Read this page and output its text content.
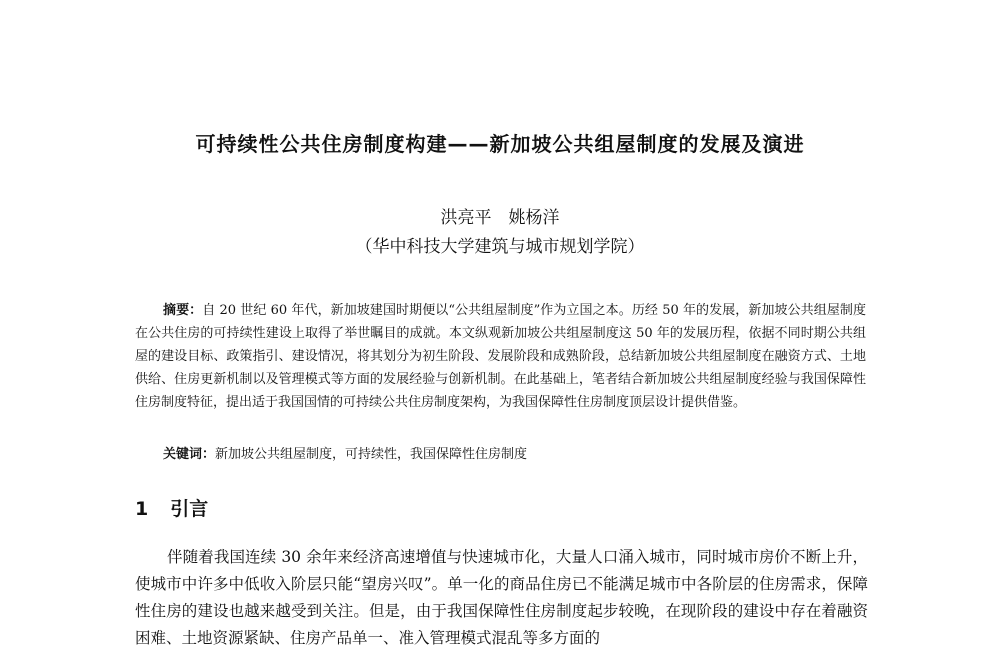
可持续性公共住房制度构建——新加坡公共组屋制度的发展及演进
洪亮平　姚杨洋
（华中科技大学建筑与城市规划学院）
摘要：自 20 世纪 60 年代，新加坡建国时期便以“公共组屋制度”作为立国之本。历经 50 年的发展，新加坡公共组屋制度在公共住房的可持续性建设上取得了举世瞩目的成就。本文纵观新加坡公共组屋制度这 50 年的发展历程，依据不同时期公共组屋的建设目标、政策指引、建设情况，将其划分为初生阶段、发展阶段和成熟阶段，总结新加坡公共组屋制度在融资方式、土地供给、住房更新机制以及管理模式等方面的发展经验与创新机制。在此基础上，笔者结合新加坡公共组屋制度经验与我国保障性住房制度特征，提出适于我国国情的可持续公共住房制度架构，为我国保障性住房制度顶层设计提供借鉴。
关键词：新加坡公共组屋制度，可持续性，我国保障性住房制度
1 引言
伴随着我国连续 30 余年来经济高速增值与快速城市化，大量人口涌入城市，同时城市房价不断上升，使城市中许多中低收入阶层只能“望房兴叹”。单一化的商品住房已不能满足城市中各阶层的住房需求，保障性住房的建设也越来越受到关注。但是，由于我国保障性住房制度起步较晚，在现阶段的建设中存在着融资困难、土地资源紧缺、住房产品单一、准入管理模式混乱等多方面的
